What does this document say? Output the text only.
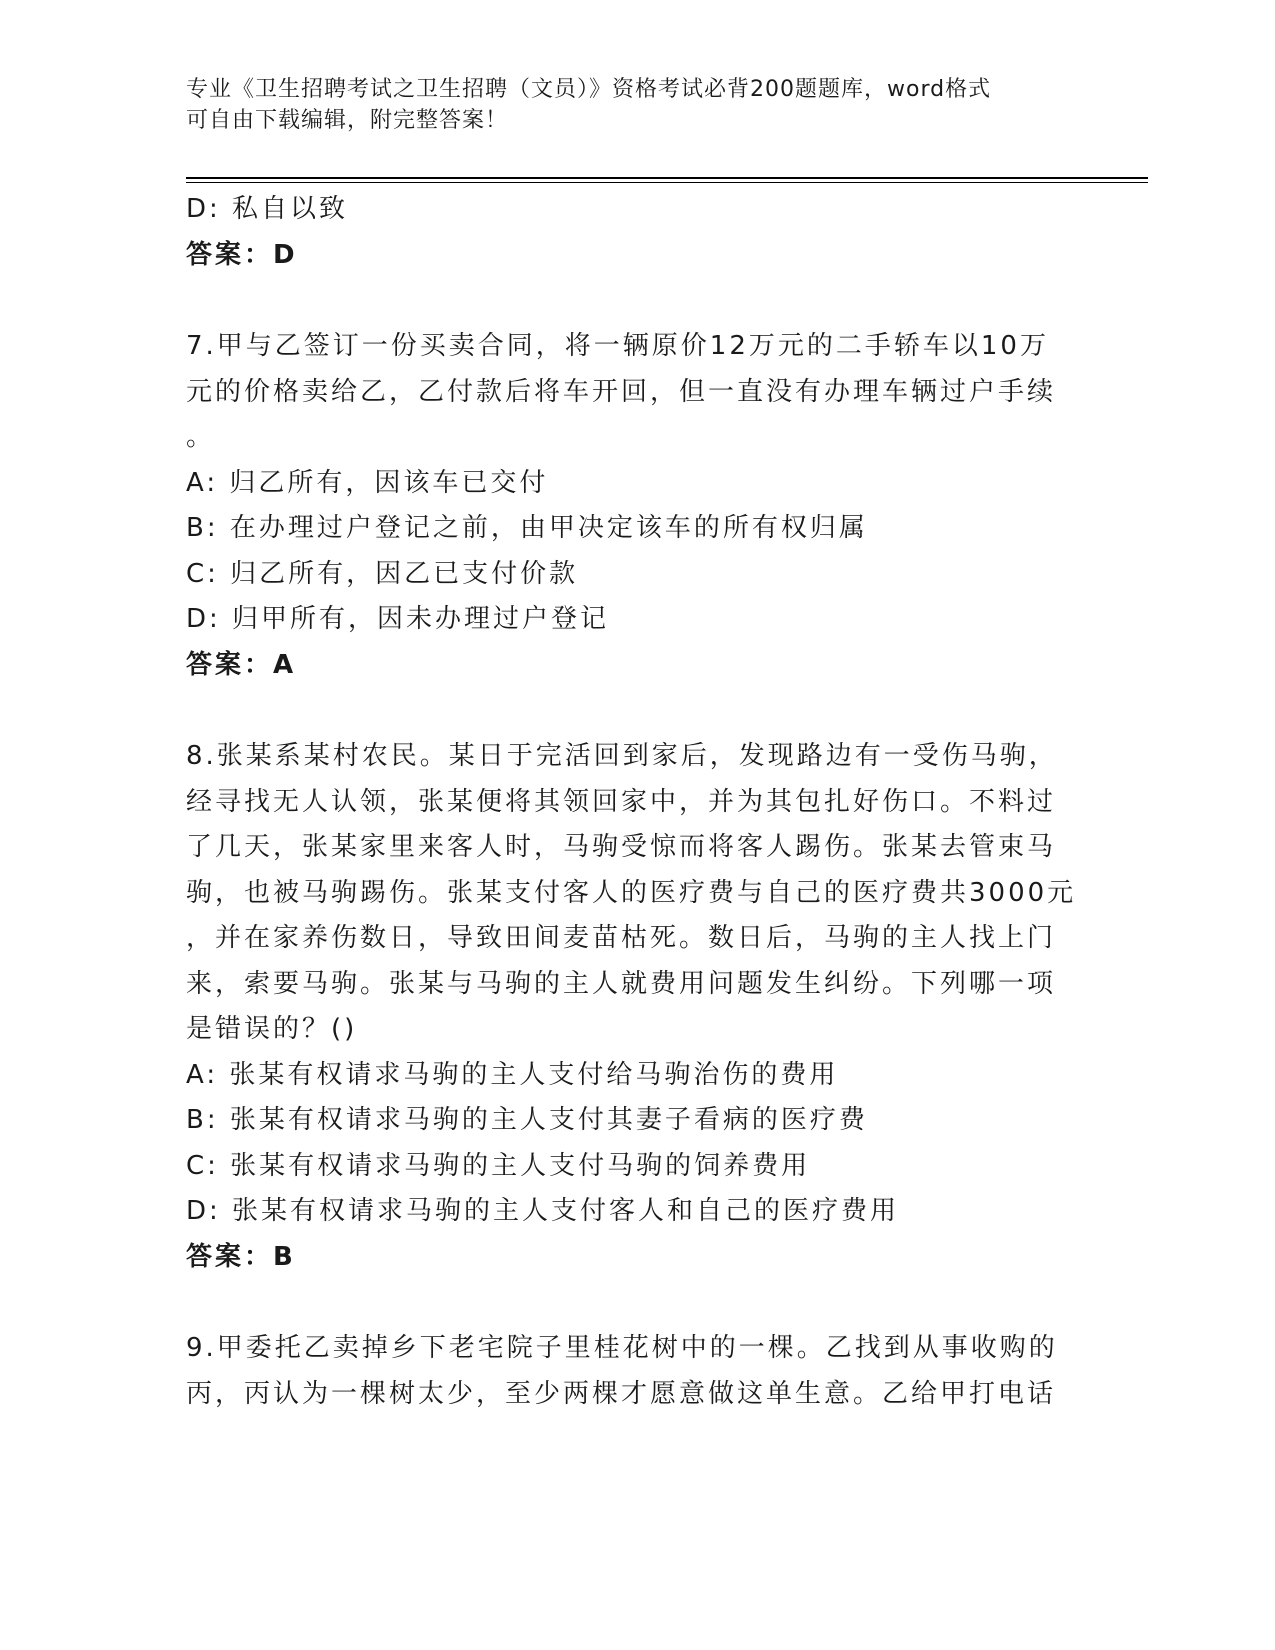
专业《卫生招聘考试之卫生招聘（文员）》资格考试必背200题题库，word格式
可自由下载编辑，附完整答案！
D: 私自以致
答案：D
7.甲与乙签订一份买卖合同，将一辆原价12万元的二手轿车以10万
元的价格卖给乙，乙付款后将车开回，但一直没有办理车辆过户手续
。
A: 归乙所有，因该车已交付
B: 在办理过户登记之前，由甲决定该车的所有权归属
C: 归乙所有，因乙已支付价款
D: 归甲所有，因未办理过户登记
答案：A
8.张某系某村农民。某日于完活回到家后，发现路边有一受伤马驹，
经寻找无人认领，张某便将其领回家中，并为其包扎好伤口。不料过
了几天，张某家里来客人时，马驹受惊而将客人踢伤。张某去管束马
驹，也被马驹踢伤。张某支付客人的医疗费与自己的医疗费共3000元
，并在家养伤数日，导致田间麦苗枯死。数日后，马驹的主人找上门
来，索要马驹。张某与马驹的主人就费用问题发生纠纷。下列哪一项
是错误的？()
A: 张某有权请求马驹的主人支付给马驹治伤的费用
B: 张某有权请求马驹的主人支付其妻子看病的医疗费
C: 张某有权请求马驹的主人支付马驹的饲养费用
D: 张某有权请求马驹的主人支付客人和自己的医疗费用
答案：B
9.甲委托乙卖掉乡下老宅院子里桂花树中的一棵。乙找到从事收购的
丙，丙认为一棵树太少，至少两棵才愿意做这单生意。乙给甲打电话
